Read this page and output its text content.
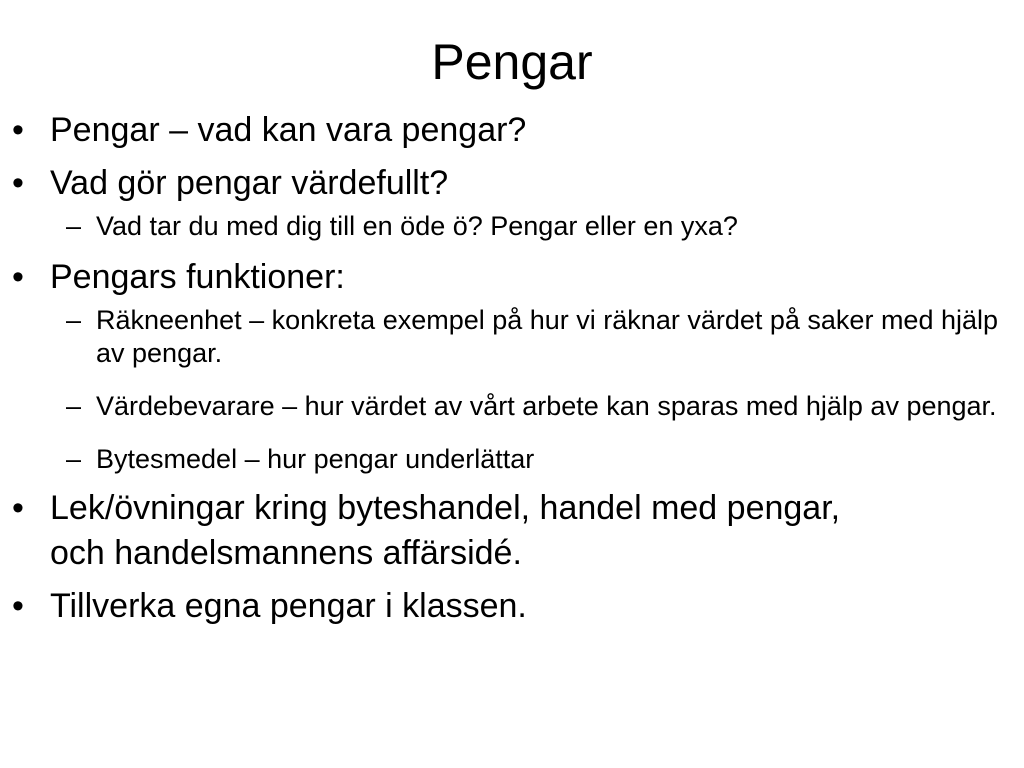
Pengar
• Pengar – vad kan vara pengar?
• Vad gör pengar värdefullt?
– Vad tar du med dig till en öde ö? Pengar eller en yxa?
• Pengars funktioner:
– Räkneenhet – konkreta exempel på hur vi räknar värdet på saker med hjälp av pengar.
– Värdebevarare – hur värdet av vårt arbete kan sparas med hjälp av pengar.
– Bytesmedel – hur pengar underlättar
• Lek/övningar kring byteshandel, handel med pengar, och handelsmannens affärsidé.
• Tillverka egna pengar i klassen.
